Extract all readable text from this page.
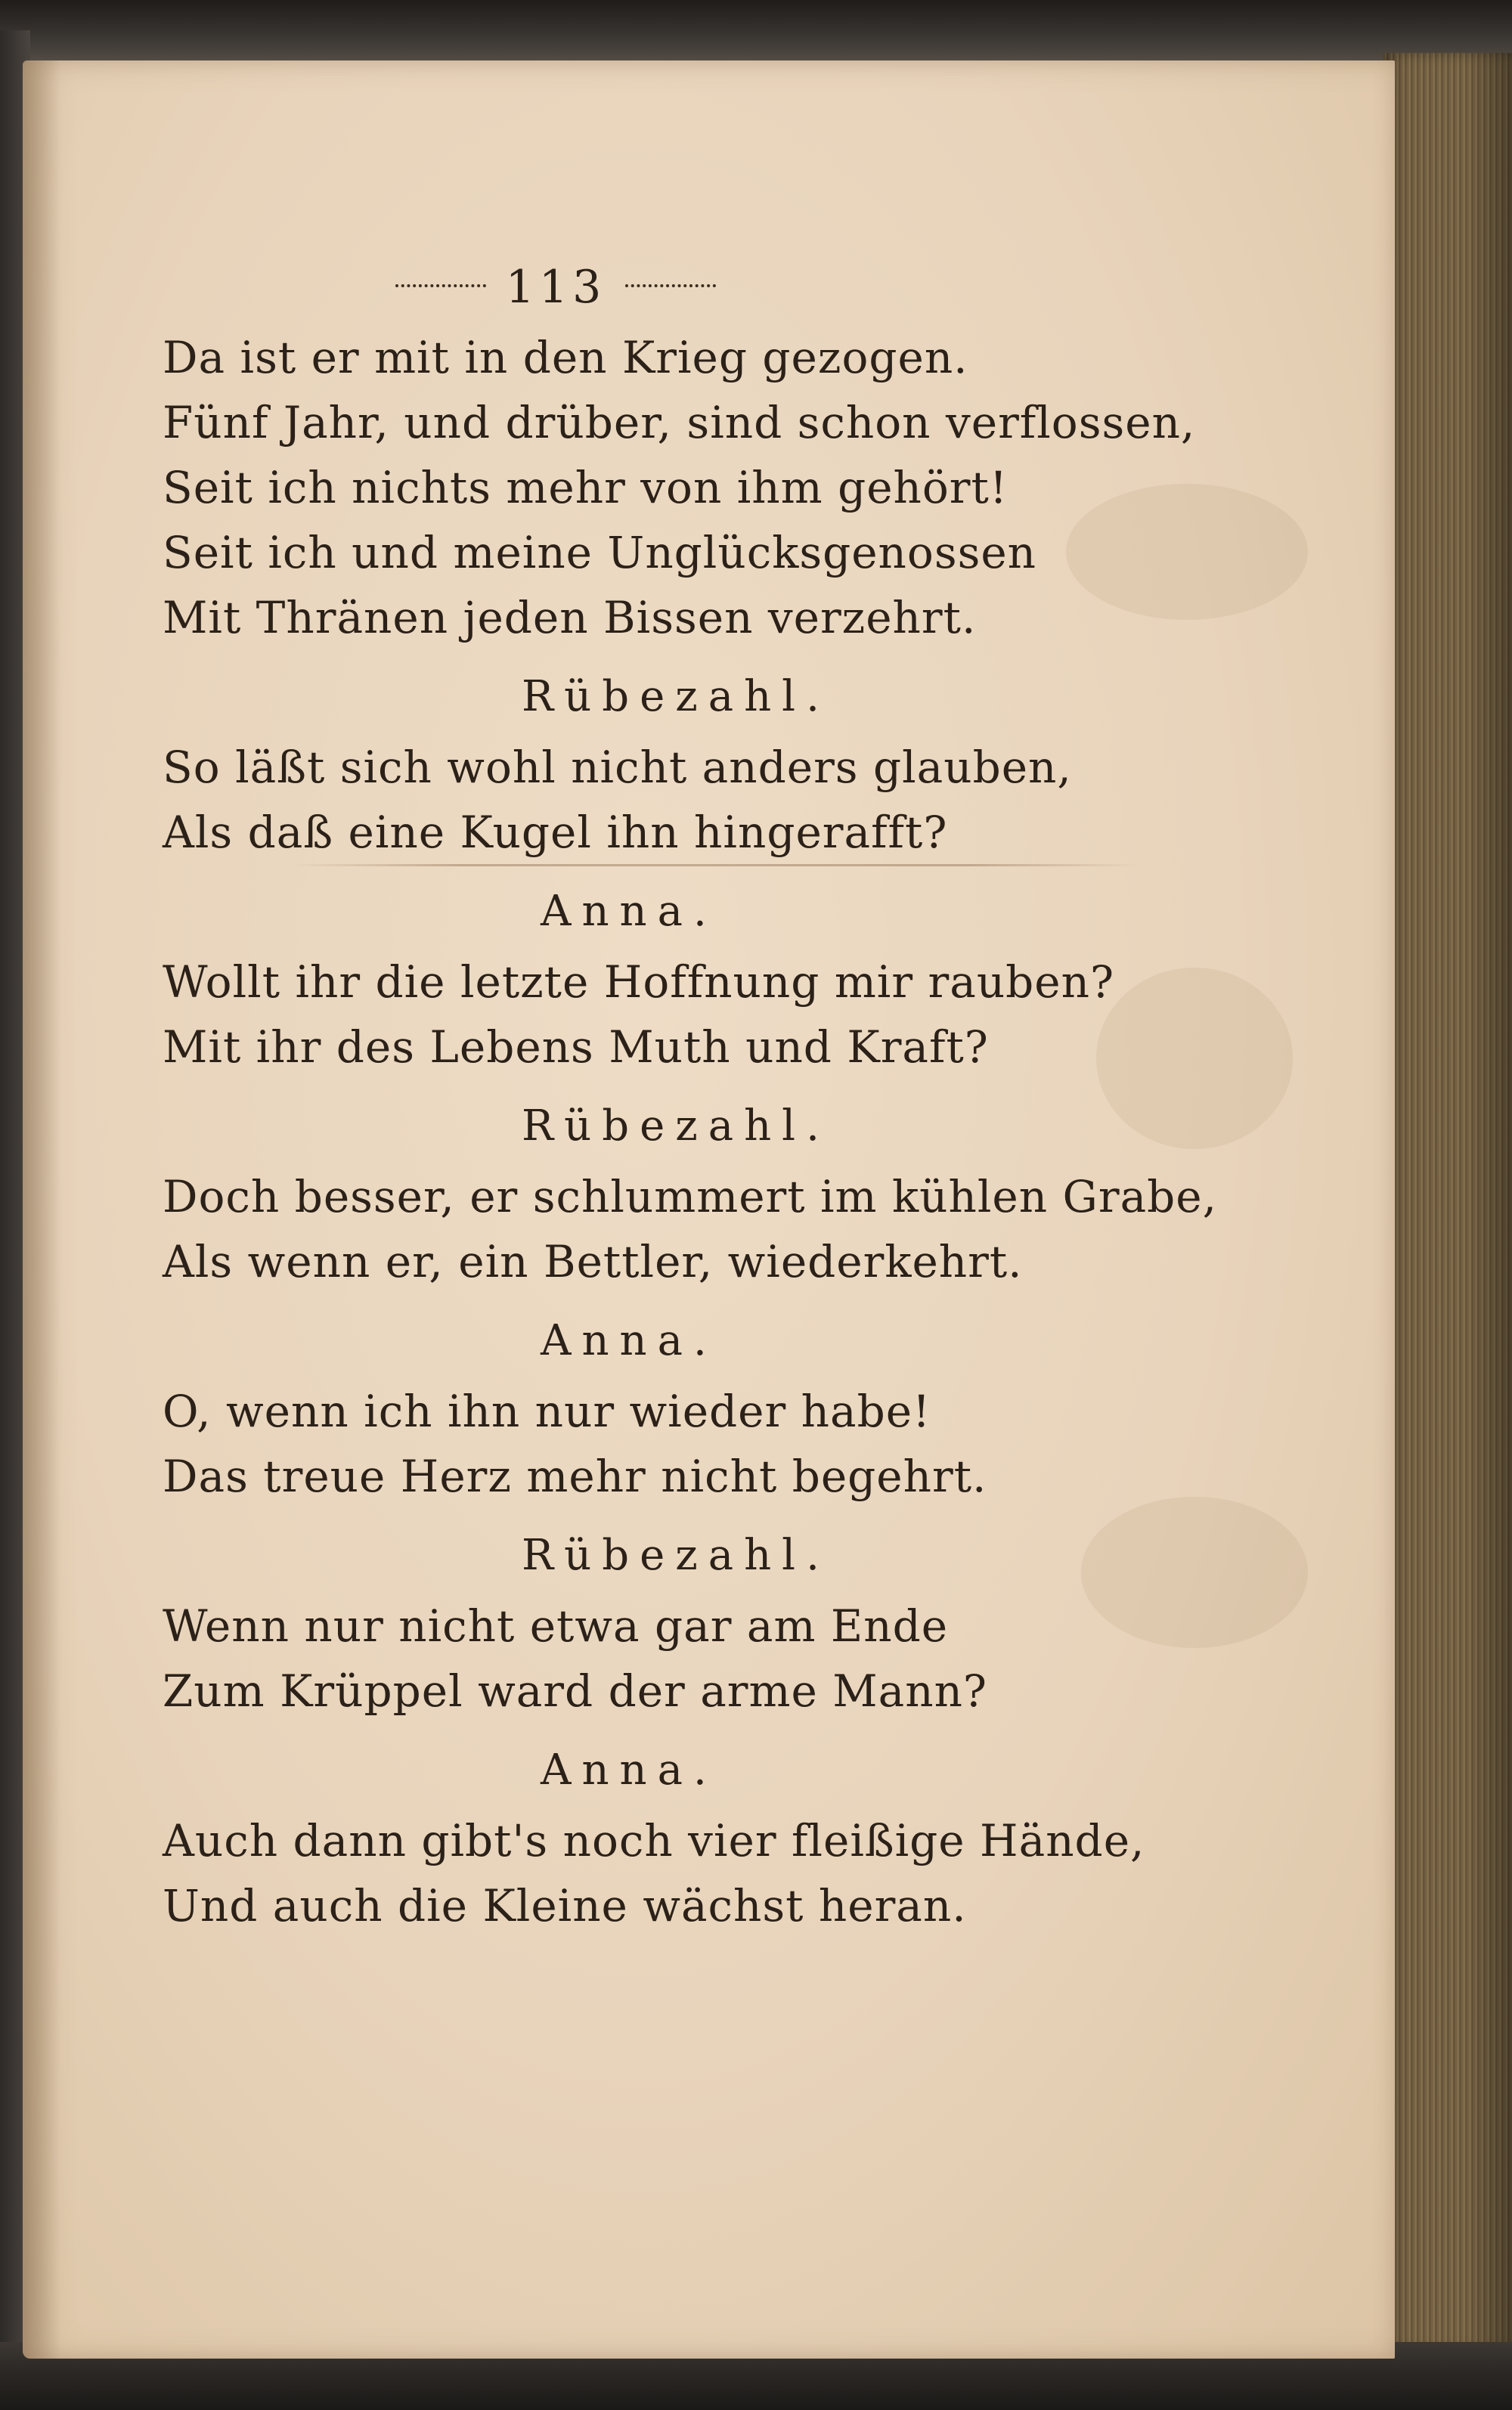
113
Da ist er mit in den Krieg gezogen.
Fünf Jahr, und drüber, sind schon verflossen,
Seit ich nichts mehr von ihm gehört!
Seit ich und meine Unglücksgenossen
Mit Thränen jeden Bissen verzehrt.
Rübezahl.
So läßt sich wohl nicht anders glauben,
Als daß eine Kugel ihn hingerafft?
Anna.
Wollt ihr die letzte Hoffnung mir rauben?
Mit ihr des Lebens Muth und Kraft?
Rübezahl.
Doch besser, er schlummert im kühlen Grabe,
Als wenn er, ein Bettler, wiederkehrt.
Anna.
O, wenn ich ihn nur wieder habe!
Das treue Herz mehr nicht begehrt.
Rübezahl.
Wenn nur nicht etwa gar am Ende
Zum Krüppel ward der arme Mann?
Anna.
Auch dann gibt's noch vier fleißige Hände,
Und auch die Kleine wächst heran.
